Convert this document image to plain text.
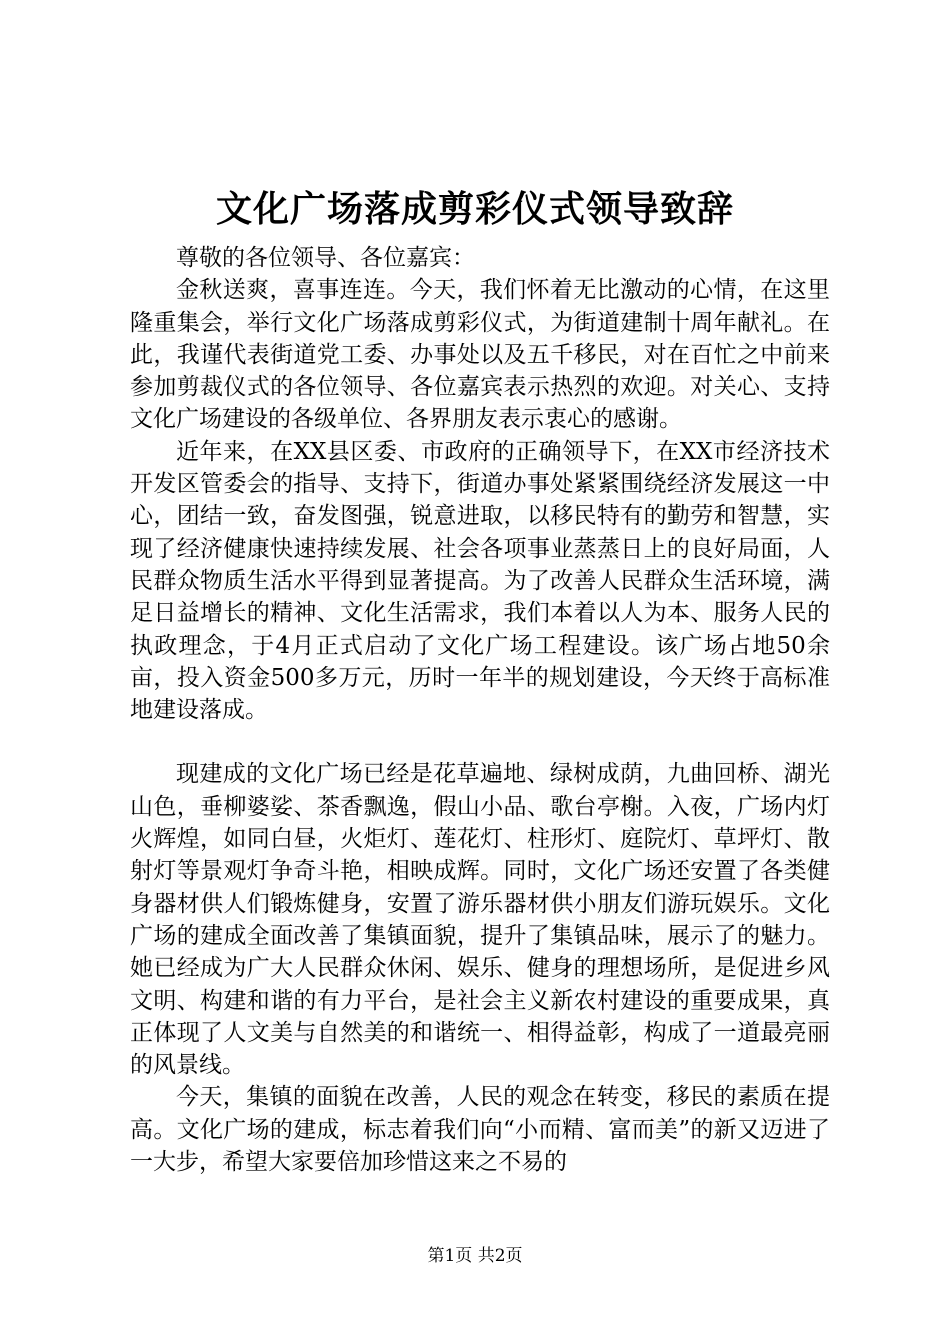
文化广场落成剪彩仪式领导致辞

尊敬的各位领导、各位嘉宾：

金秋送爽，喜事连连。今天，我们怀着无比激动的心情，在这里隆重集会，举行文化广场落成剪彩仪式，为街道建制十周年献礼。在此，我谨代表街道党工委、办事处以及五千移民，对在百忙之中前来参加剪裁仪式的各位领导、各位嘉宾表示热烈的欢迎。对关心、支持文化广场建设的各级单位、各界朋友表示衷心的感谢。

近年来，在XX县区委、市政府的正确领导下，在XX市经济技术开发区管委会的指导、支持下，街道办事处紧紧围绕经济发展这一中心，团结一致，奋发图强，锐意进取，以移民特有的勤劳和智慧，实现了经济健康快速持续发展、社会各项事业蒸蒸日上的良好局面，人民群众物质生活水平得到显著提高。为了改善人民群众生活环境，满足日益增长的精神、文化生活需求，我们本着以人为本、服务人民的执政理念，于4月正式启动了文化广场工程建设。该广场占地50余亩，投入资金500多万元，历时一年半的规划建设，今天终于高标准地建设落成。

现建成的文化广场已经是花草遍地、绿树成荫，九曲回桥、湖光山色，垂柳婆娑、茶香飘逸，假山小品、歌台亭榭。入夜，广场内灯火辉煌，如同白昼，火炬灯、莲花灯、柱形灯、庭院灯、草坪灯、散射灯等景观灯争奇斗艳，相映成辉。同时，文化广场还安置了各类健身器材供人们锻炼健身，安置了游乐器材供小朋友们游玩娱乐。文化广场的建成全面改善了集镇面貌，提升了集镇品味，展示了的魅力。她已经成为广大人民群众休闲、娱乐、健身的理想场所，是促进乡风文明、构建和谐的有力平台，是社会主义新农村建设的重要成果，真正体现了人文美与自然美的和谐统一、相得益彰，构成了一道最亮丽的风景线。

今天，集镇的面貌在改善，人民的观念在转变，移民的素质在提高。文化广场的建成，标志着我们向“小而精、富而美”的新又迈进了一大步，希望大家要倍加珍惜这来之不易的

第1页 共2页
